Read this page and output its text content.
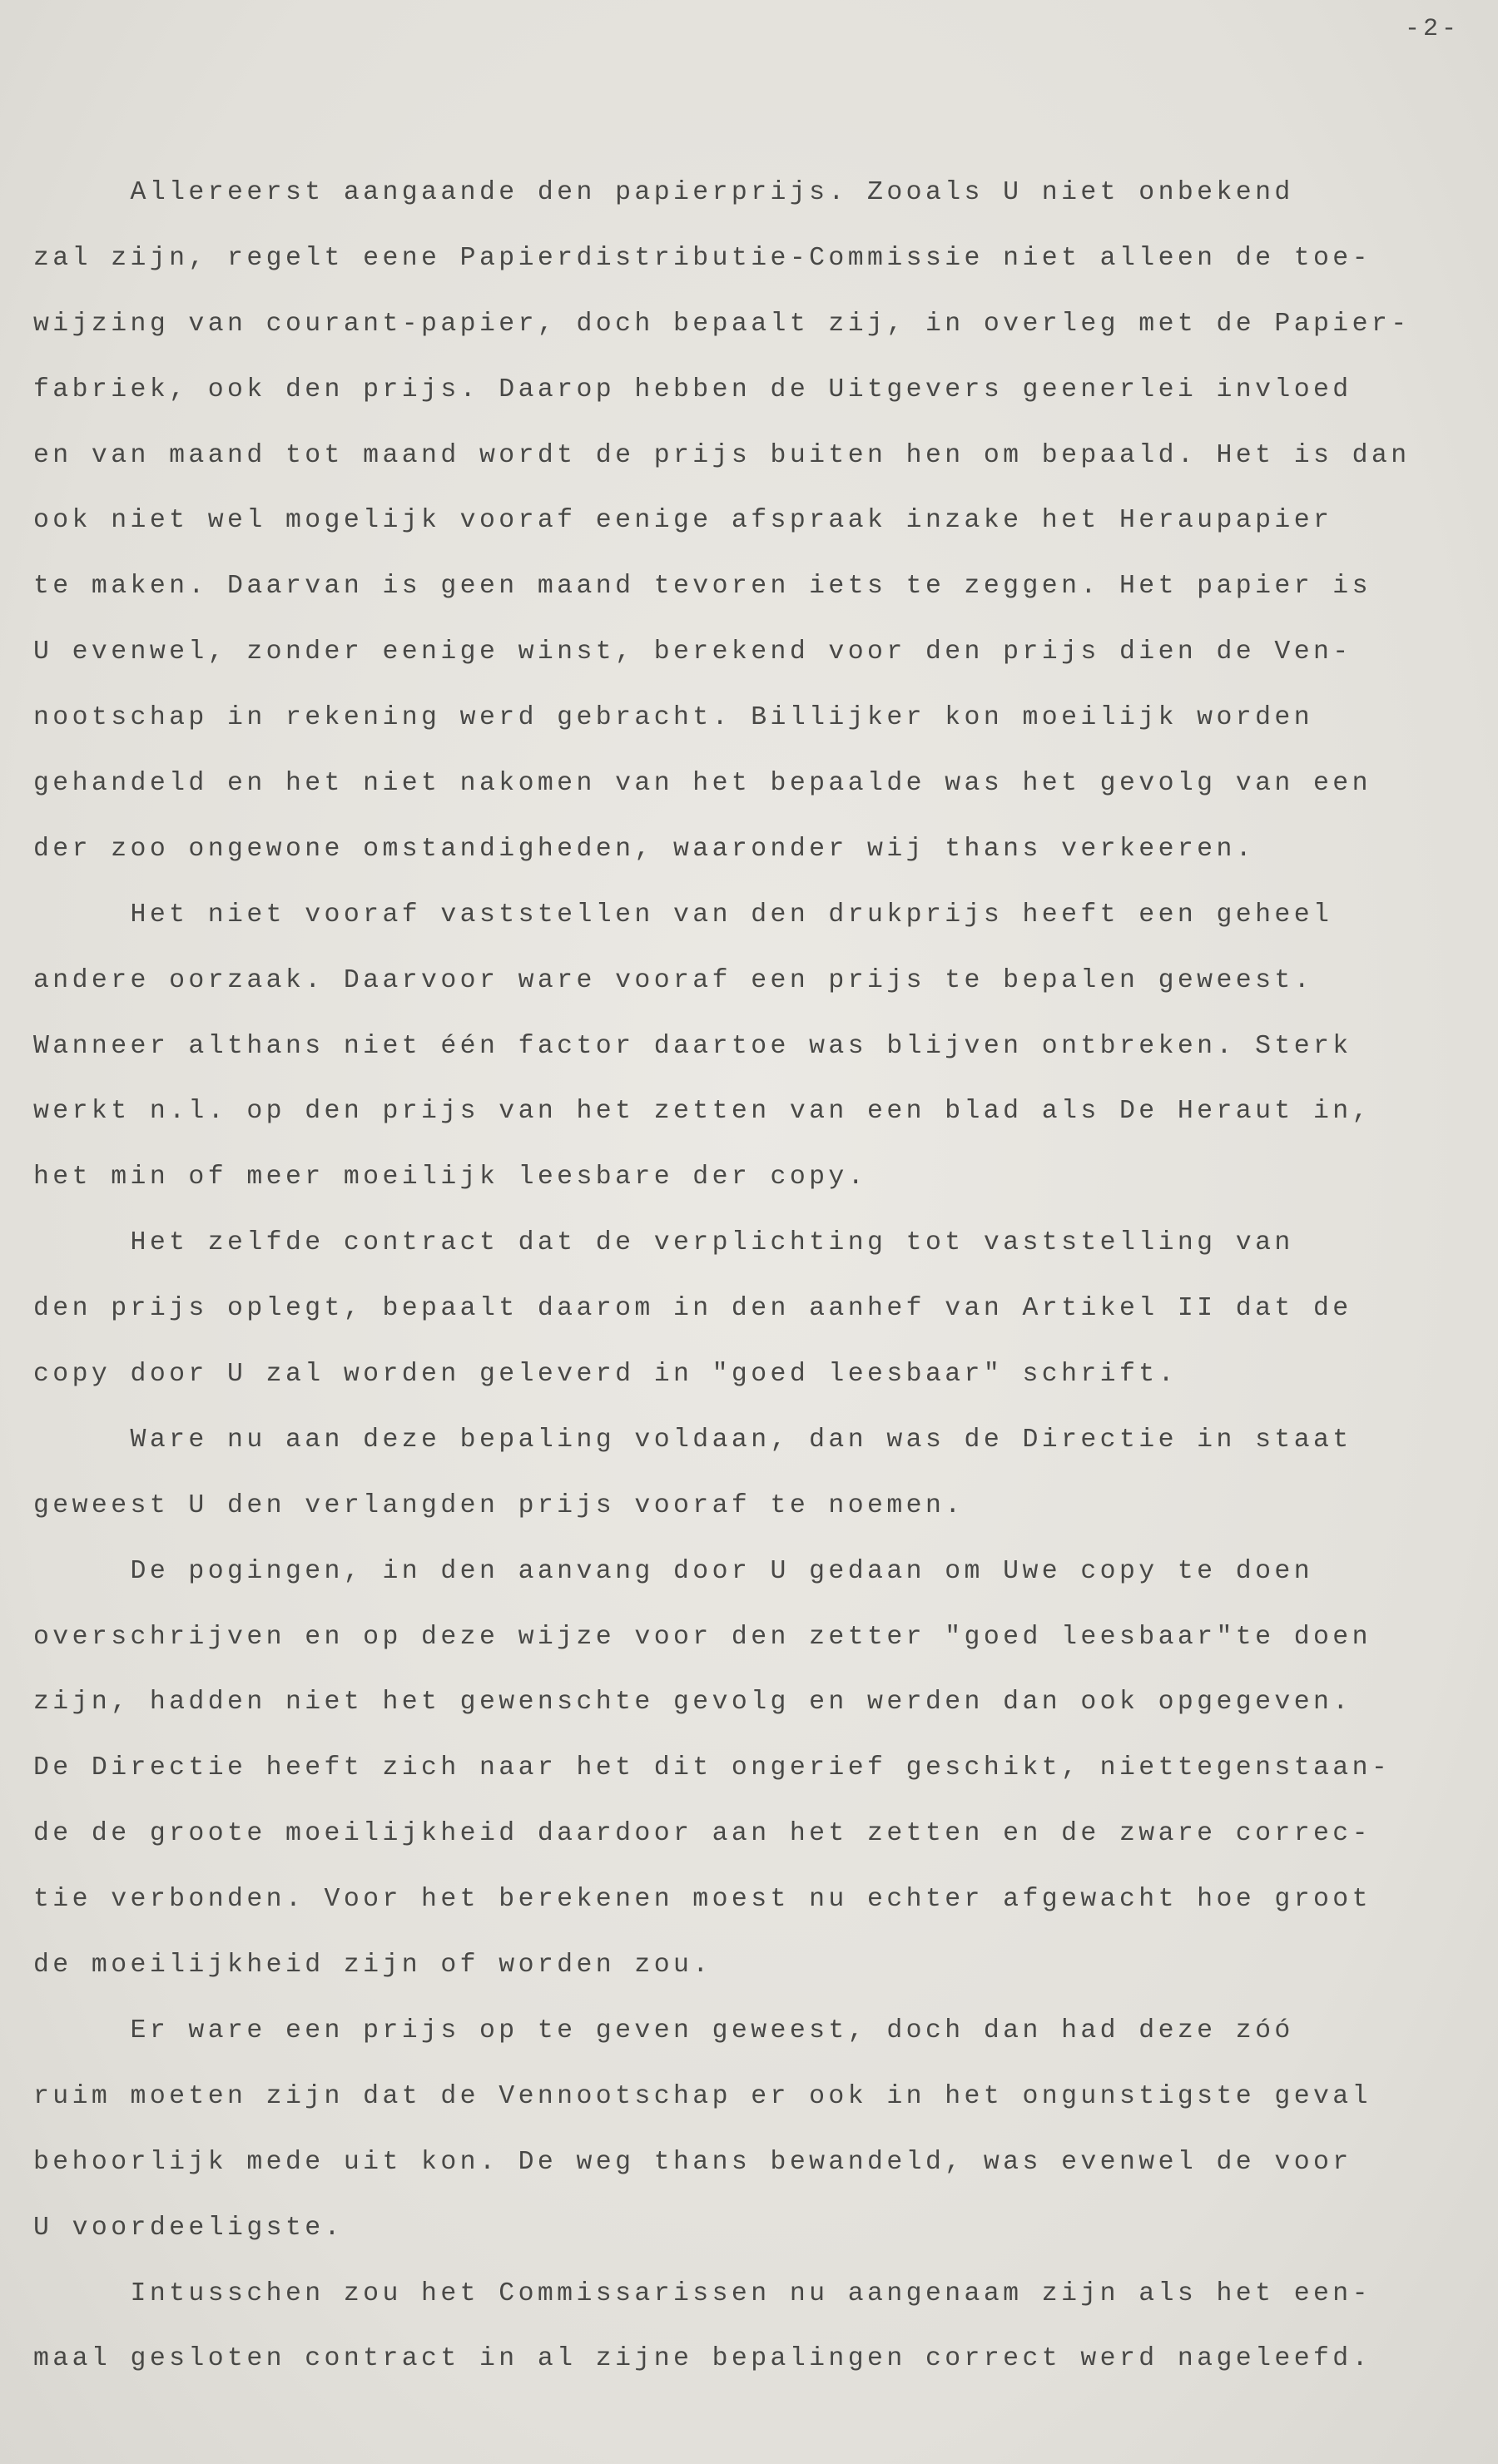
-2-
Allereerst aangaande den papierprijs. Zooals U niet onbekend
zal zijn, regelt eene Papierdistributie-Commissie niet alleen de toe-
wijzing van courant-papier, doch bepaalt zij, in overleg met de Papier-
fabriek, ook den prijs. Daarop hebben de Uitgevers geenerlei invloed
en van maand tot maand wordt de prijs buiten hen om bepaald. Het is dan
ook niet wel mogelijk vooraf eenige afspraak inzake het Heraupapier
te maken. Daarvan is geen maand tevoren iets te zeggen. Het papier is
U evenwel, zonder eenige winst, berekend voor den prijs dien de Ven-
nootschap in rekening werd gebracht. Billijker kon moeilijk worden
gehandeld en het niet nakomen van het bepaalde was het gevolg van een
der zoo ongewone omstandigheden, waaronder wij thans verkeeren.
Het niet vooraf vaststellen van den drukprijs heeft een geheel
andere oorzaak. Daarvoor ware vooraf een prijs te bepalen geweest.
Wanneer althans niet één factor daartoe was blijven ontbreken. Sterk
werkt n.l. op den prijs van het zetten van een blad als De Heraut in,
het min of meer moeilijk leesbare der copy.
Het zelfde contract dat de verplichting tot vaststelling van
den prijs oplegt, bepaalt daarom in den aanhef van Artikel II dat de
copy door U zal worden geleverd in "goed leesbaar" schrift.
Ware nu aan deze bepaling voldaan, dan was de Directie in staat
geweest U den verlangden prijs vooraf te noemen.
De pogingen, in den aanvang door U gedaan om Uwe copy te doen
overschrijven en op deze wijze voor den zetter "goed leesbaar"te doen
zijn, hadden niet het gewenschte gevolg en werden dan ook opgegeven.
De Directie heeft zich naar het dit ongerief geschikt, niettegenstaan-
de de groote moeilijkheid daardoor aan het zetten en de zware correc-
tie verbonden. Voor het berekenen moest nu echter afgewacht hoe groot
de moeilijkheid zijn of worden zou.
Er ware een prijs op te geven geweest, doch dan had deze zóó
ruim moeten zijn dat de Vennootschap er ook in het ongunstigste geval
behoorlijk mede uit kon. De weg thans bewandeld, was evenwel de voor
U voordeeligste.
Intusschen zou het Commissarissen nu aangenaam zijn als het een-
maal gesloten contract in al zijne bepalingen correct werd nageleefd.
